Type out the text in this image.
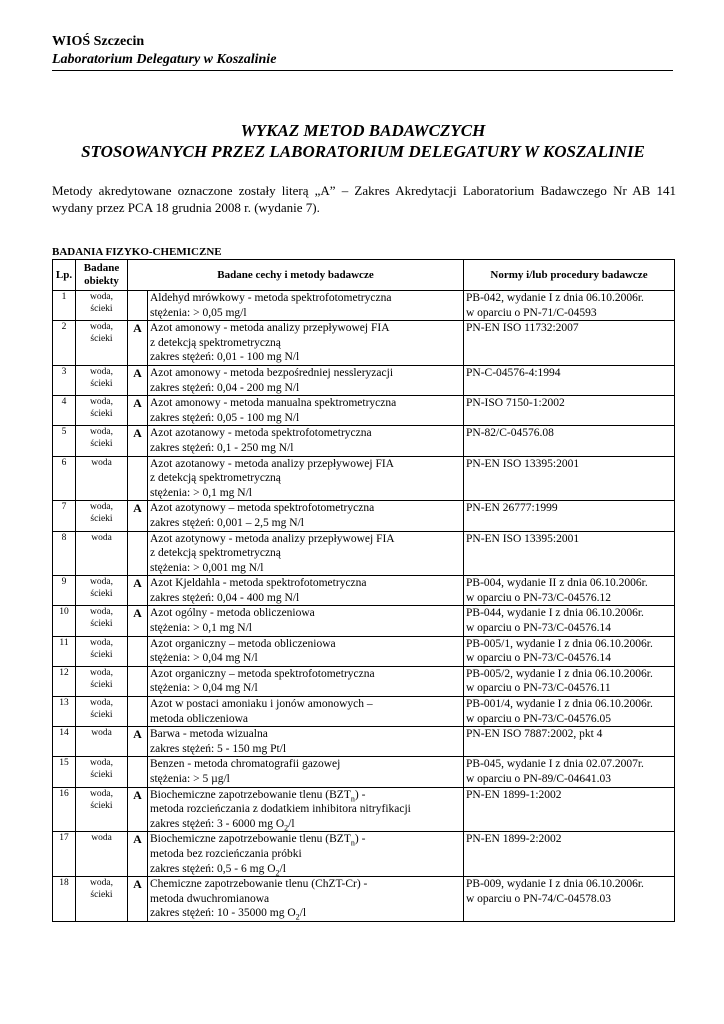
WIOŚ Szczecin
Laboratorium Delegatury w Koszalinie
WYKAZ METOD BADAWCZYCH
STOSOWANYCH PRZEZ LABORATORIUM DELEGATURY W KOSZALINIE
Metody akredytowane oznaczone zostały literą „A” – Zakres Akredytacji Laboratorium Badawczego Nr AB 141 wydany przez PCA 18 grudnia 2008 r. (wydanie 7).
BADANIA FIZYKO-CHEMICZNE
Lp.	Badane obiekty	Badane cechy i metody badawcze		Normy i/lub procedury badawcze
1	woda,
ścieki		Aldehyd mrówkowy - metoda spektrofotometryczna
stężenia: > 0,05 mg/l	PB-042, wydanie I z dnia 06.10.2006r.
w oparciu o PN-71/C-04593

2	woda,
ścieki	A	Azot amonowy - metoda analizy przepływowej FIA
z detekcją spektrometryczną
zakres stężeń: 0,01 - 100 mg N/l	PN-EN ISO 11732:2007

3	woda,
ścieki	A	Azot amonowy - metoda bezpośredniej nessleryzacji
zakres stężeń: 0,04 - 200 mg N/l	PN-C-04576-4:1994

4	woda,
ścieki	A	Azot amonowy - metoda manualna spektrometryczna
zakres stężeń: 0,05 - 100 mg N/l	PN-ISO 7150-1:2002

5	woda,
ścieki	A	Azot azotanowy - metoda spektrofotometryczna
zakres stężeń: 0,1 - 250 mg N/l	PN-82/C-04576.08

6	woda		Azot azotanowy - metoda analizy przepływowej FIA
z detekcją spektrometryczną
stężenia: > 0,1 mg N/l	PN-EN ISO 13395:2001

7	woda,
ścieki	A	Azot azotynowy – metoda spektrofotometryczna
zakres stężeń: 0,001 – 2,5 mg N/l	PN-EN 26777:1999

8	woda		Azot azotynowy - metoda analizy przepływowej FIA
z detekcją spektrometryczną
stężenia: > 0,001 mg N/l	PN-EN ISO 13395:2001

9	woda,
ścieki	A	Azot Kjeldahla - metoda spektrofotometryczna
zakres stężeń: 0,04 - 400 mg N/l	PB-004, wydanie II z dnia 06.10.2006r.
w oparciu o PN-73/C-04576.12

10	woda,
ścieki	A	Azot ogólny - metoda obliczeniowa
stężenia: > 0,1 mg N/l	PB-044, wydanie I z dnia 06.10.2006r.
w oparciu o PN-73/C-04576.14

11	woda,
ścieki		Azot organiczny – metoda obliczeniowa
stężenia: > 0,04 mg N/l	PB-005/1, wydanie I z dnia 06.10.2006r.
w oparciu o PN-73/C-04576.14

12	woda,
ścieki		Azot organiczny – metoda spektrofotometryczna
stężenia: > 0,04 mg N/l	PB-005/2, wydanie I z dnia 06.10.2006r.
w oparciu o PN-73/C-04576.11

13	woda,
ścieki		Azot w postaci amoniaku i jonów amonowych –
metoda obliczeniowa	PB-001/4, wydanie I z dnia 06.10.2006r.
w oparciu o PN-73/C-04576.05

14	woda	A	Barwa - metoda wizualna
zakres stężeń: 5 - 150 mg Pt/l	PN-EN ISO 7887:2002, pkt 4

15	woda,
ścieki		Benzen - metoda chromatografii gazowej
stężenia: > 5 µg/l	PB-045, wydanie I z dnia 02.07.2007r.
w oparciu o PN-89/C-04641.03

16	woda,
ścieki	A	Biochemiczne zapotrzebowanie tlenu $(BZT_n)$ -
metoda rozcieńczania z dodatkiem inhibitora nitryfikacji
zakres stężeń: 3 - 6000 mg $O_2/l$	PN-EN 1899-1:2002

17	woda	A	Biochemiczne zapotrzebowanie tlenu $(BZT_n)$ -
metoda bez rozcieńczania próbki
zakres stężeń: 0,5 - 6 mg $O_2/l$	PN-EN 1899-2:2002

18	woda,
ścieki	A	Chemiczne zapotrzebowanie tlenu (ChZT-Cr) -
metoda dwuchromianowa
zakres stężeń: 10 - 35000 mg $O_2/l$	PB-009, wydanie I z dnia 06.10.2006r.
w oparciu o PN-74/C-04578.03
